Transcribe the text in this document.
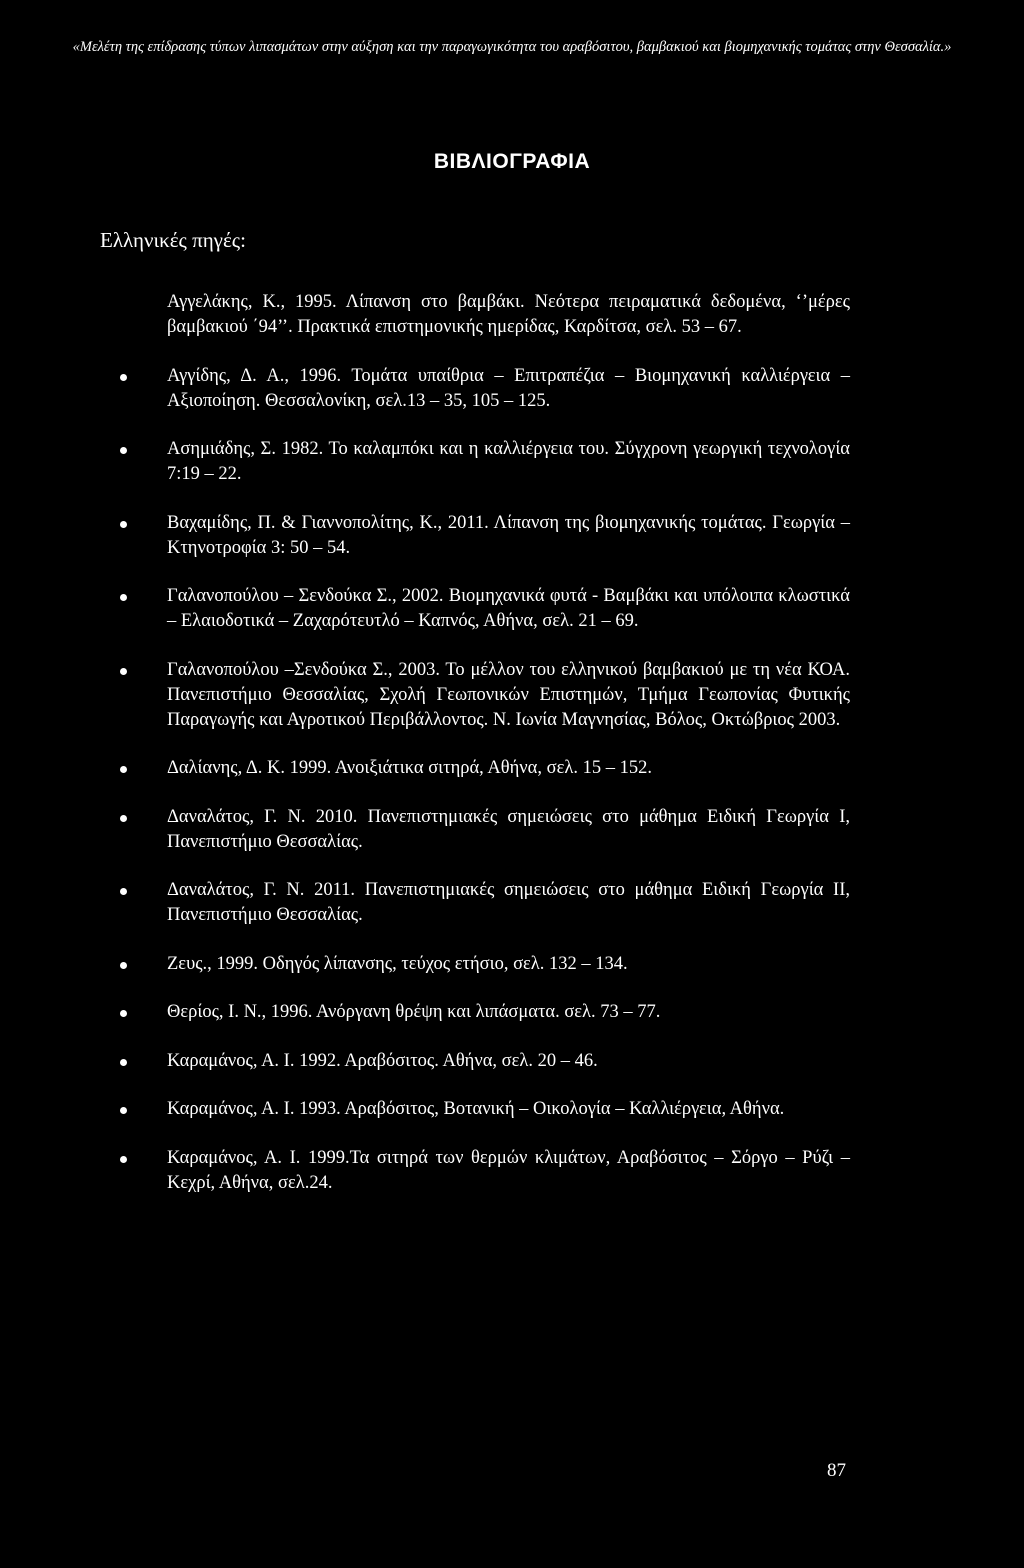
«Μελέτη της επίδρασης τύπων λιπασμάτων στην αύξηση και την παραγωγικότητα του αραβόσιτου, βαμβακιού και βιομηχανικής τομάτας στην Θεσσαλία.»
ΒΙΒΛΙΟΓΡΑΦΙΑ
Ελληνικές πηγές:
Αγγελάκης, Κ., 1995. Λίπανση στο βαμβάκι. Νεότερα πειραματικά δεδομένα, ‘’μέρες βαμβακιού ΄94’’. Πρακτικά επιστημονικής ημερίδας, Καρδίτσα, σελ. 53 – 67.
Αγγίδης, Δ. Α., 1996. Τομάτα υπαίθρια – Επιτραπέζια – Βιομηχανική καλλιέργεια – Αξιοποίηση. Θεσσαλονίκη, σελ.13 – 35, 105 – 125.
Ασημιάδης, Σ. 1982. Το καλαμπόκι και η καλλιέργεια του. Σύγχρονη γεωργική τεχνολογία 7:19 – 22.
Βαχαμίδης, Π. & Γιαννοπολίτης, Κ., 2011. Λίπανση της βιομηχανικής τομάτας. Γεωργία – Κτηνοτροφία 3: 50 – 54.
Γαλανοπούλου – Σενδούκα Σ., 2002. Βιομηχανικά φυτά - Βαμβάκι και υπόλοιπα κλωστικά – Ελαιοδοτικά – Ζαχαρότευτλό – Καπνός, Αθήνα, σελ. 21 – 69.
Γαλανοπούλου –Σενδούκα Σ., 2003. Το μέλλον του ελληνικού βαμβακιού με τη νέα ΚΟΑ. Πανεπιστήμιο Θεσσαλίας, Σχολή Γεωπονικών Επιστημών, Τμήμα Γεωπονίας Φυτικής Παραγωγής και Αγροτικού Περιβάλλοντος. Ν. Ιωνία Μαγνησίας, Βόλος, Οκτώβριος 2003.
Δαλίανης, Δ. Κ. 1999. Ανοιξιάτικα σιτηρά, Αθήνα, σελ. 15 – 152.
Δαναλάτος, Γ. Ν. 2010. Πανεπιστημιακές σημειώσεις στο μάθημα Ειδική Γεωργία Ι, Πανεπιστήμιο Θεσσαλίας.
Δαναλάτος, Γ. Ν. 2011. Πανεπιστημιακές σημειώσεις στο μάθημα Ειδική Γεωργία ΙΙ, Πανεπιστήμιο Θεσσαλίας.
Ζευς., 1999. Οδηγός λίπανσης, τεύχος ετήσιο, σελ. 132 – 134.
Θερίος, Ι. Ν., 1996. Ανόργανη θρέψη και λιπάσματα. σελ. 73 – 77.
Καραμάνος, Α. Ι. 1992. Αραβόσιτος. Αθήνα, σελ. 20 – 46.
Καραμάνος, Α. Ι. 1993. Αραβόσιτος, Βοτανική – Οικολογία – Καλλιέργεια, Αθήνα.
Καραμάνος, Α. Ι. 1999.Τα σιτηρά των θερμών κλιμάτων, Αραβόσιτος – Σόργο – Ρύζι – Κεχρί, Αθήνα, σελ.24.
87
